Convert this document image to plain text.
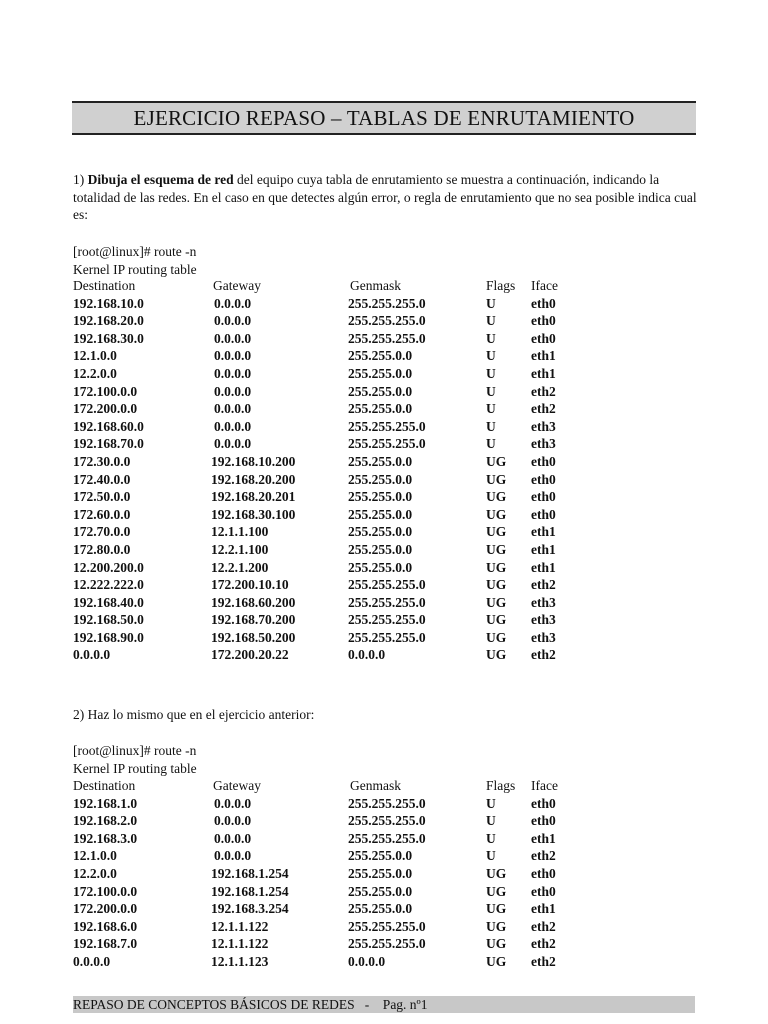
EJERCICIO REPASO – TABLAS DE ENRUTAMIENTO
1) Dibuja el esquema de red del equipo cuya tabla de enrutamiento se muestra a continuación, indicando la totalidad de las redes. En el caso en que detectes algún error, o regla de enrutamiento que no sea posible indica cual es:
[root@linux]# route -n
Kernel IP routing table
Destination	Gateway	Genmask	Flags Iface
192.168.10.0	0.0.0.0	255.255.255.0	U	eth0
192.168.20.0	0.0.0.0	255.255.255.0	U	eth0
192.168.30.0	0.0.0.0	255.255.255.0	U	eth0
12.1.0.0	0.0.0.0	255.255.0.0	U	eth1
12.2.0.0	0.0.0.0	255.255.0.0	U	eth1
172.100.0.0	0.0.0.0	255.255.0.0	U	eth2
172.200.0.0	0.0.0.0	255.255.0.0	U	eth2
192.168.60.0	0.0.0.0	255.255.255.0	U	eth3
192.168.70.0	0.0.0.0	255.255.255.0	U	eth3
172.30.0.0	192.168.10.200	255.255.0.0	UG eth0
172.40.0.0	192.168.20.200	255.255.0.0	UG eth0
172.50.0.0	192.168.20.201	255.255.0.0	UG eth0
172.60.0.0	192.168.30.100	255.255.0.0	UG eth0
172.70.0.0	12.1.1.100	255.255.0.0	UG eth1
172.80.0.0	12.2.1.100	255.255.0.0	UG eth1
12.200.200.0	12.2.1.200	255.255.0.0	UG eth1
12.222.222.0	172.200.10.10	255.255.255.0	UG eth2
192.168.40.0	192.168.60.200	255.255.255.0	UG eth3
192.168.50.0	192.168.70.200	255.255.255.0	UG eth3
192.168.90.0	192.168.50.200	255.255.255.0	UG eth3
0.0.0.0	172.200.20.22	0.0.0.0	UG eth2
2) Haz lo mismo que en el ejercicio anterior:
[root@linux]# route -n
Kernel IP routing table
Destination	Gateway	Genmask	Flags Iface
192.168.1.0	0.0.0.0	255.255.255.0	U	eth0
192.168.2.0	0.0.0.0	255.255.255.0	U	eth0
192.168.3.0	0.0.0.0	255.255.255.0	U	eth1
12.1.0.0	0.0.0.0	255.255.0.0	U	eth2
12.2.0.0	192.168.1.254	255.255.0.0	UG eth0
172.100.0.0	192.168.1.254	255.255.0.0	UG eth0
172.200.0.0	192.168.3.254	255.255.0.0	UG eth1
192.168.6.0	12.1.1.122	255.255.255.0	UG eth2
192.168.7.0	12.1.1.122	255.255.255.0	UG eth2
0.0.0.0	12.1.1.123	0.0.0.0	UG eth2
REPASO DE CONCEPTOS BÁSICOS DE REDES   -    Pag. nº1
